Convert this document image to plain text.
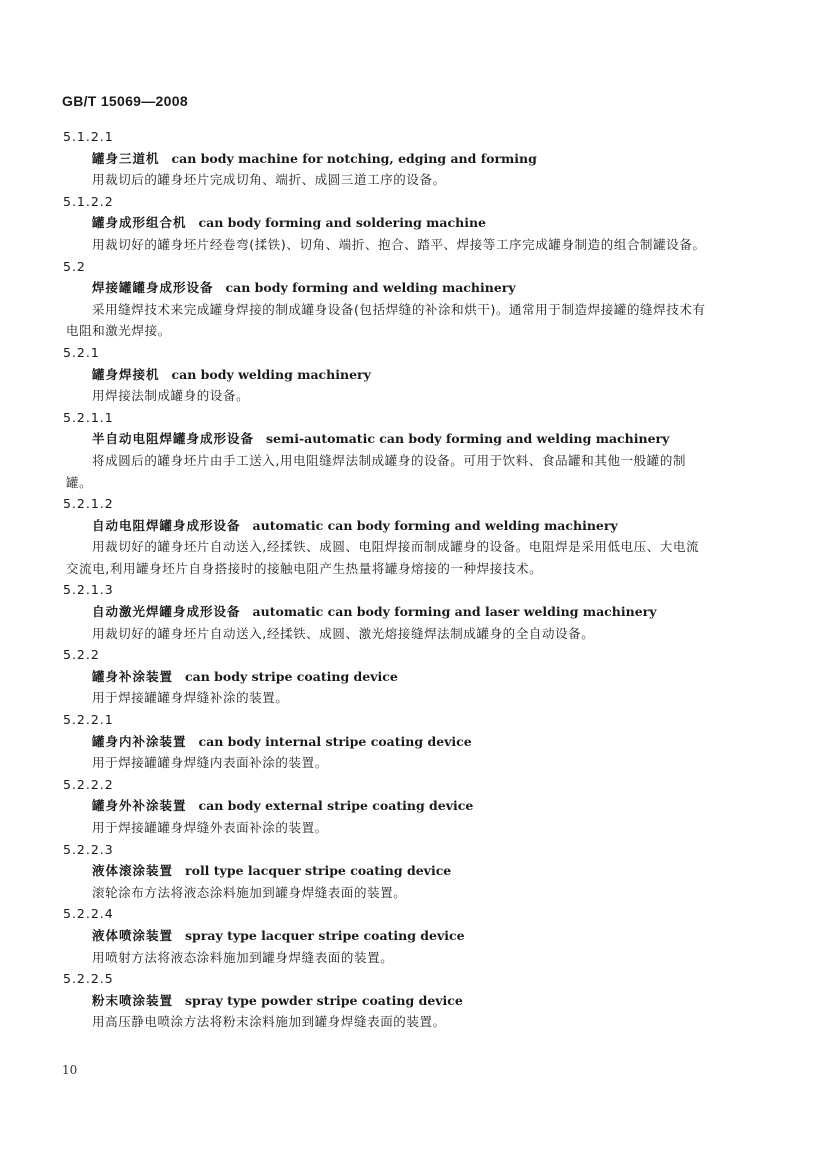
GB/T 15069—2008
5.1.2.1
罐身三道机 can body machine for notching, edging and forming
用裁切后的罐身坯片完成切角、端折、成圆三道工序的设备。
5.1.2.2
罐身成形组合机 can body forming and soldering machine
用裁切好的罐身坯片经卷弯(揉铁)、切角、端折、抱合、踏平、焊接等工序完成罐身制造的组合制罐设备。
5.2
焊接罐罐身成形设备 can body forming and welding machinery
采用缝焊技术来完成罐身焊接的制成罐身设备(包括焊缝的补涂和烘干)。通常用于制造焊接罐的缝焊技术有电阻和激光焊接。
5.2.1
罐身焊接机 can body welding machinery
用焊接法制成罐身的设备。
5.2.1.1
半自动电阻焊罐身成形设备 semi-automatic can body forming and welding machinery
将成圆后的罐身坯片由手工送入,用电阻缝焊法制成罐身的设备。可用于饮料、食品罐和其他一般罐的制罐。
5.2.1.2
自动电阻焊罐身成形设备 automatic can body forming and welding machinery
用裁切好的罐身坯片自动送入,经揉铁、成圆、电阻焊接而制成罐身的设备。电阻焊是采用低电压、大电流交流电,利用罐身坯片自身搭接时的接触电阻产生热量将罐身熔接的一种焊接技术。
5.2.1.3
自动激光焊罐身成形设备 automatic can body forming and laser welding machinery
用裁切好的罐身坯片自动送入,经揉铁、成圆、激光熔接缝焊法制成罐身的全自动设备。
5.2.2
罐身补涂装置 can body stripe coating device
用于焊接罐罐身焊缝补涂的装置。
5.2.2.1
罐身内补涂装置 can body internal stripe coating device
用于焊接罐罐身焊缝内表面补涂的装置。
5.2.2.2
罐身外补涂装置 can body external stripe coating device
用于焊接罐罐身焊缝外表面补涂的装置。
5.2.2.3
液体滚涂装置 roll type lacquer stripe coating device
滚轮涂布方法将液态涂料施加到罐身焊缝表面的装置。
5.2.2.4
液体喷涂装置 spray type lacquer stripe coating device
用喷射方法将液态涂料施加到罐身焊缝表面的装置。
5.2.2.5
粉末喷涂装置 spray type powder stripe coating device
用高压静电喷涂方法将粉末涂料施加到罐身焊缝表面的装置。
10
